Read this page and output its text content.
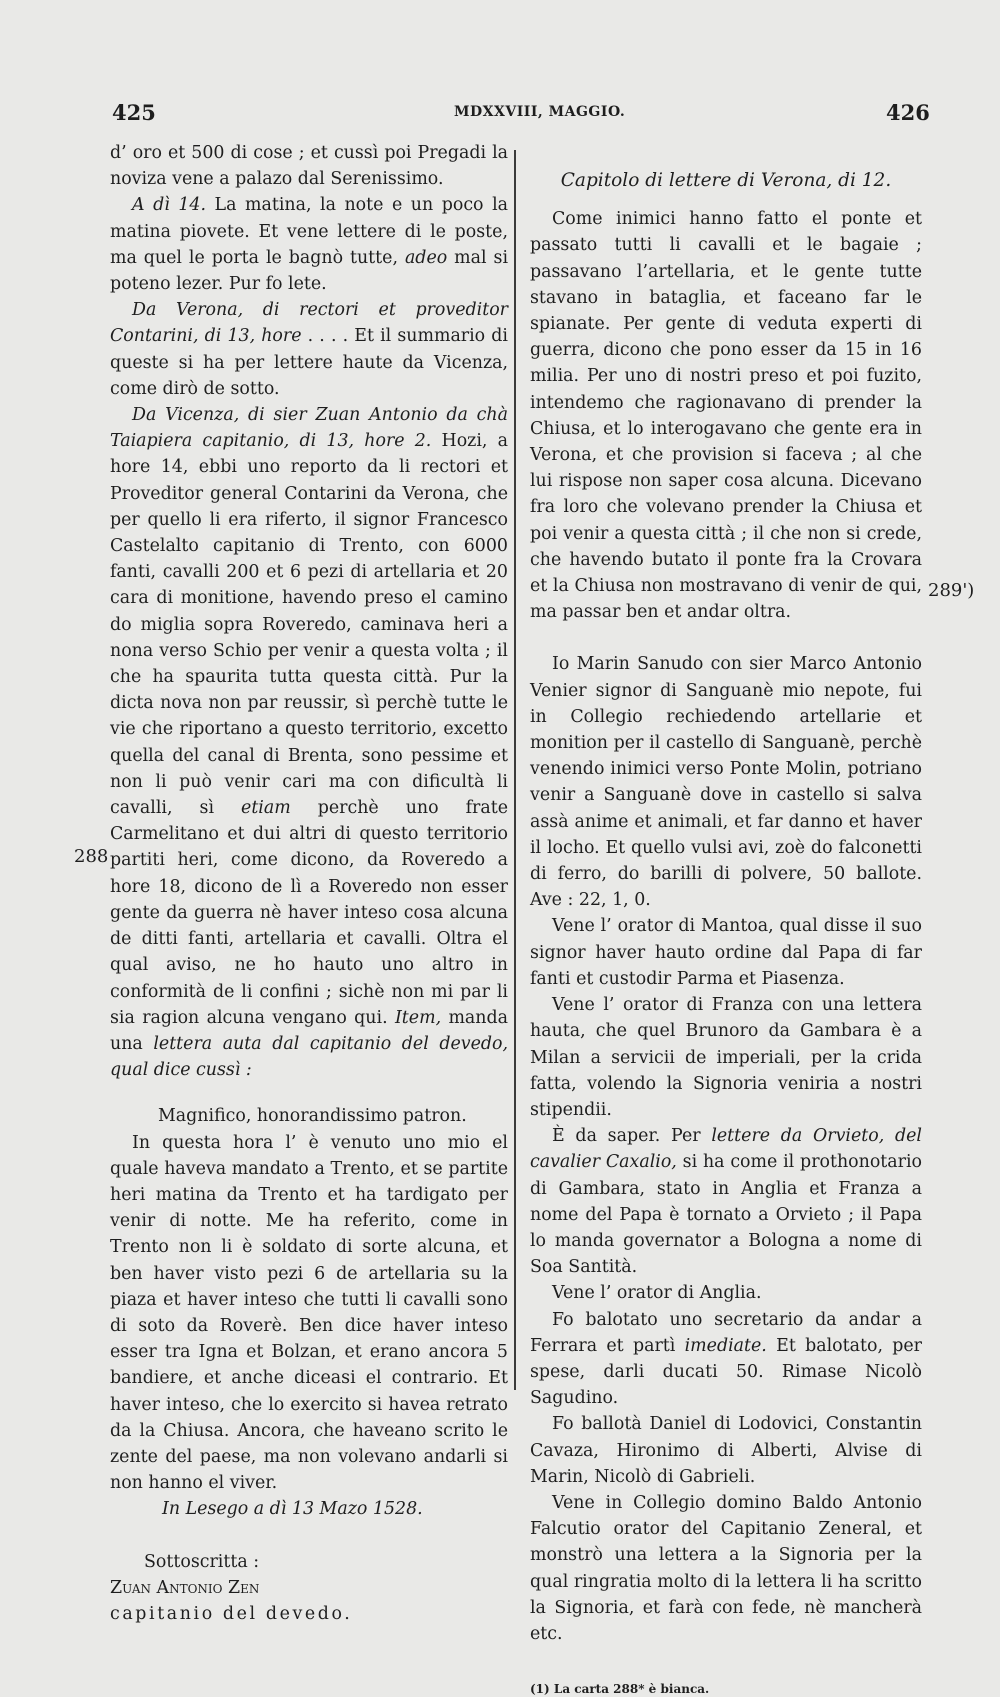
425	MDXXVIII, MAGGIO.	426
288
289')

d’ oro et 500 di cose ; et cussì poi Pregadi la noviza vene a palazo dal Serenissimo.

A dì 14. La matina, la note e un poco la matina piovete. Et vene lettere di le poste, ma quel le porta le bagnò tutte, adeo mal si poteno lezer. Pur fo lete.

Da Verona, di rectori et proveditor Contarini, di 13, hore . . . . Et il summario di queste si ha per lettere haute da Vicenza, come dirò de sotto.

Da Vicenza, di sier Zuan Antonio da chà Taiapiera capitanio, di 13, hore 2. Hozi, a hore 14, ebbi uno reporto da li rectori et Proveditor general Contarini da Verona, che per quello li era riferto, il signor Francesco Castelalto capitanio di Trento, con 6000 fanti, cavalli 200 et 6 pezi di artellaria et 20 cara di monitione, havendo preso el camino do miglia sopra Roveredo, caminava heri a nona verso Schio per venir a questa volta ; il che ha spaurita tutta questa città. Pur la dicta nova non par reussir, sì perchè tutte le vie che riportano a questo territorio, excetto quella del canal di Brenta, sono pessime et non li può venir cari ma con dificultà li cavalli, sì etiam perchè uno frate Carmelitano et dui altri di questo territorio partiti heri, come dicono, da Roveredo a hore 18, dicono de lì a Roveredo non esser gente da guerra nè haver inteso cosa alcuna de ditti fanti, artellaria et cavalli. Oltra el qual aviso, ne ho hauto uno altro in conformità de li confini ; sichè non mi par li sia ragion alcuna vengano qui. Item, manda una lettera auta dal capitanio del devedo, qual dice cussì :

Magnifico, honorandissimo patron.

In questa hora l’ è venuto uno mio el quale haveva mandato a Trento, et se partite heri matina da Trento et ha tardigato per venir di notte. Me ha referito, come in Trento non li è soldato di sorte alcuna, et ben haver visto pezi 6 de artellaria su la piaza et haver inteso che tutti li cavalli sono di soto da Roverè. Ben dice haver inteso esser tra Igna et Bolzan, et erano ancora 5 bandiere, et anche diceasi el contrario. Et haver inteso, che lo exercito si havea retrato da la Chiusa. Ancora, che haveano scrito le zente del paese, ma non volevano andarli si non hanno el viver.

In Lesego a dì 13 Mazo 1528.

Sottoscritta :

Zuan Antonio Zen

capitanio del devedo.

Capitolo di lettere di Verona, di 12.

Come inimici hanno fatto el ponte et passato tutti li cavalli et le bagaie ; passavano l’artellaria, et le gente tutte stavano in bataglia, et faceano far le spianate. Per gente di veduta experti di guerra, dicono che pono esser da 15 in 16 milia. Per uno di nostri preso et poi fuzito, intendemo che ragionavano di prender la Chiusa, et lo interogavano che gente era in Verona, et che provision si faceva ; al che lui rispose non saper cosa alcuna. Dicevano fra loro che volevano prender la Chiusa et poi venir a questa città ; il che non si crede, che havendo butato il ponte fra la Crovara et la Chiusa non mostravano di venir de qui, ma passar ben et andar oltra.

Io Marin Sanudo con sier Marco Antonio Venier signor di Sanguanè mio nepote, fui in Collegio rechiedendo artellarie et monition per il castello di Sanguanè, perchè venendo inimici verso Ponte Molin, potriano venir a Sanguanè dove in castello si salva assà anime et animali, et far danno et haver il locho. Et quello vulsi avi, zoè do falconetti di ferro, do barilli di polvere, 50 ballote. Ave : 22, 1, 0.

Vene l’ orator di Mantoa, qual disse il suo signor haver hauto ordine dal Papa di far fanti et custodir Parma et Piasenza.

Vene l’ orator di Franza con una lettera hauta, che quel Brunoro da Gambara è a Milan a servicii de imperiali, per la crida fatta, volendo la Signoria veniria a nostri stipendii.

È da saper. Per lettere da Orvieto, del cavalier Caxalio, si ha come il prothonotario di Gambara, stato in Anglia et Franza a nome del Papa è tornato a Orvieto ; il Papa lo manda governator a Bologna a nome di Soa Santità.

Vene l’ orator di Anglia.

Fo balotato uno secretario da andar a Ferrara et partì imediate. Et balotato, per spese, darli ducati 50. Rimase Nicolò Sagudino.

Fo ballotà Daniel di Lodovici, Constantin Cavaza, Hironimo di Alberti, Alvise di Marin, Nicolò di Gabrieli.

Vene in Collegio domino Baldo Antonio Falcutio orator del Capitanio Zeneral, et monstrò una lettera a la Signoria per la qual ringratia molto di la lettera li ha scritto la Signoria, et farà con fede, nè mancherà etc.

(1) La carta 288* è bianca.
